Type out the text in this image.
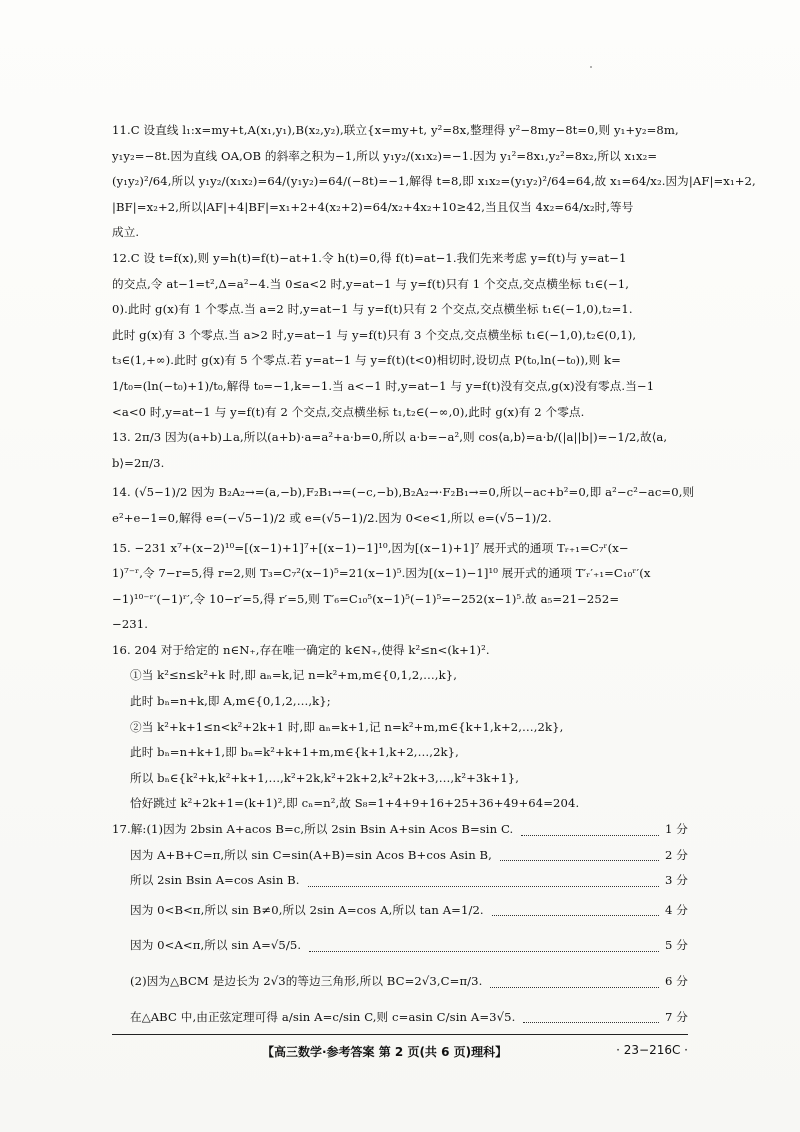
11.C 设直线 l₁:x=my+t,A(x₁,y₁),B(x₂,y₂),联立{x=my+t, y²=8x,整理得 y²−8my−8t=0,则 y₁+y₂=8m,

y₁y₂=−8t.因为直线 OA,OB 的斜率之积为−1,所以 y₁y₂/(x₁x₂)=−1.因为 y₁²=8x₁,y₂²=8x₂,所以 x₁x₂=

(y₁y₂)²/64,所以 y₁y₂/(x₁x₂)=64/(y₁y₂)=64/(−8t)=−1,解得 t=8,即 x₁x₂=(y₁y₂)²/64=64,故 x₁=64/x₂.因为|AF|=x₁+2,

|BF|=x₂+2,所以|AF|+4|BF|=x₁+2+4(x₂+2)=64/x₂+4x₂+10≥42,当且仅当 4x₂=64/x₂时,等号

成立.

12.C 设 t=f(x),则 y=h(t)=f(t)−at+1.令 h(t)=0,得 f(t)=at−1.我们先来考虑 y=f(t)与 y=at−1

的交点,令 at−1=t²,Δ=a²−4.当 0≤a<2 时,y=at−1 与 y=f(t)只有 1 个交点,交点横坐标 t₁∈(−1,

0).此时 g(x)有 1 个零点.当 a=2 时,y=at−1 与 y=f(t)只有 2 个交点,交点横坐标 t₁∈(−1,0),t₂=1.

此时 g(x)有 3 个零点.当 a>2 时,y=at−1 与 y=f(t)只有 3 个交点,交点横坐标 t₁∈(−1,0),t₂∈(0,1),

t₃∈(1,+∞).此时 g(x)有 5 个零点.若 y=at−1 与 y=f(t)(t<0)相切时,设切点 P(t₀,ln(−t₀)),则 k=

1/t₀=(ln(−t₀)+1)/t₀,解得 t₀=−1,k=−1.当 a<−1 时,y=at−1 与 y=f(t)没有交点,g(x)没有零点.当−1

<a<0 时,y=at−1 与 y=f(t)有 2 个交点,交点横坐标 t₁,t₂∈(−∞,0),此时 g(x)有 2 个零点.

13. 2π/3 因为(a+b)⊥a,所以(a+b)·a=a²+a·b=0,所以 a·b=−a²,则 cos⟨a,b⟩=a·b/(|a||b|)=−1/2,故⟨a,

b⟩=2π/3.

14. (√5−1)/2 因为 B₂A₂→=(a,−b),F₂B₁→=(−c,−b),B₂A₂→·F₂B₁→=0,所以−ac+b²=0,即 a²−c²−ac=0,则

e²+e−1=0,解得 e=(−√5−1)/2 或 e=(√5−1)/2.因为 0<e<1,所以 e=(√5−1)/2.

15. −231 x⁷+(x−2)¹⁰=[(x−1)+1]⁷+[(x−1)−1]¹⁰,因为[(x−1)+1]⁷ 展开式的通项 Tᵣ₊₁=C₇ʳ(x−

1)⁷⁻ʳ,令 7−r=5,得 r=2,则 T₃=C₇²(x−1)⁵=21(x−1)⁵.因为[(x−1)−1]¹⁰ 展开式的通项 T′ᵣ′₊₁=C₁₀ʳ′(x

−1)¹⁰⁻ʳ′(−1)ʳ′,令 10−r′=5,得 r′=5,则 T′₆=C₁₀⁵(x−1)⁵(−1)⁵=−252(x−1)⁵.故 a₅=21−252=

−231.

16. 204 对于给定的 n∈N₊,存在唯一确定的 k∈N₊,使得 k²≤n<(k+1)².

①当 k²≤n≤k²+k 时,即 aₙ=k,记 n=k²+m,m∈{0,1,2,…,k},

此时 bₙ=n+k,即 A,m∈{0,1,2,…,k};

②当 k²+k+1≤n<k²+2k+1 时,即 aₙ=k+1,记 n=k²+m,m∈{k+1,k+2,…,2k},

此时 bₙ=n+k+1,即 bₙ=k²+k+1+m,m∈{k+1,k+2,…,2k},

所以 bₙ∈{k²+k,k²+k+1,…,k²+2k,k²+2k+2,k²+2k+3,…,k²+3k+1},

恰好跳过 k²+2k+1=(k+1)²,即 cₙ=n²,故 S₈=1+4+9+16+25+36+49+64=204.

17.解:(1)因为 2bsin A+acos B=c,所以 2sin Bsin A+sin Acos B=sin C.	1 分
因为 A+B+C=π,所以 sin C=sin(A+B)=sin Acos B+cos Asin B,	2 分
所以 2sin Bsin A=cos Asin B.	3 分
因为 0<B<π,所以 sin B≠0,所以 2sin A=cos A,所以 tan A=1/2.	4 分
因为 0<A<π,所以 sin A=√5/5.	5 分
(2)因为△BCM 是边长为 2√3的等边三角形,所以 BC=2√3,C=π/3.	6 分
在△ABC 中,由正弦定理可得 a/sin A=c/sin C,则 c=asin C/sin A=3√5.	7 分
【高三数学·参考答案 第 2 页(共 6 页)理科】	· 23−216C ·
